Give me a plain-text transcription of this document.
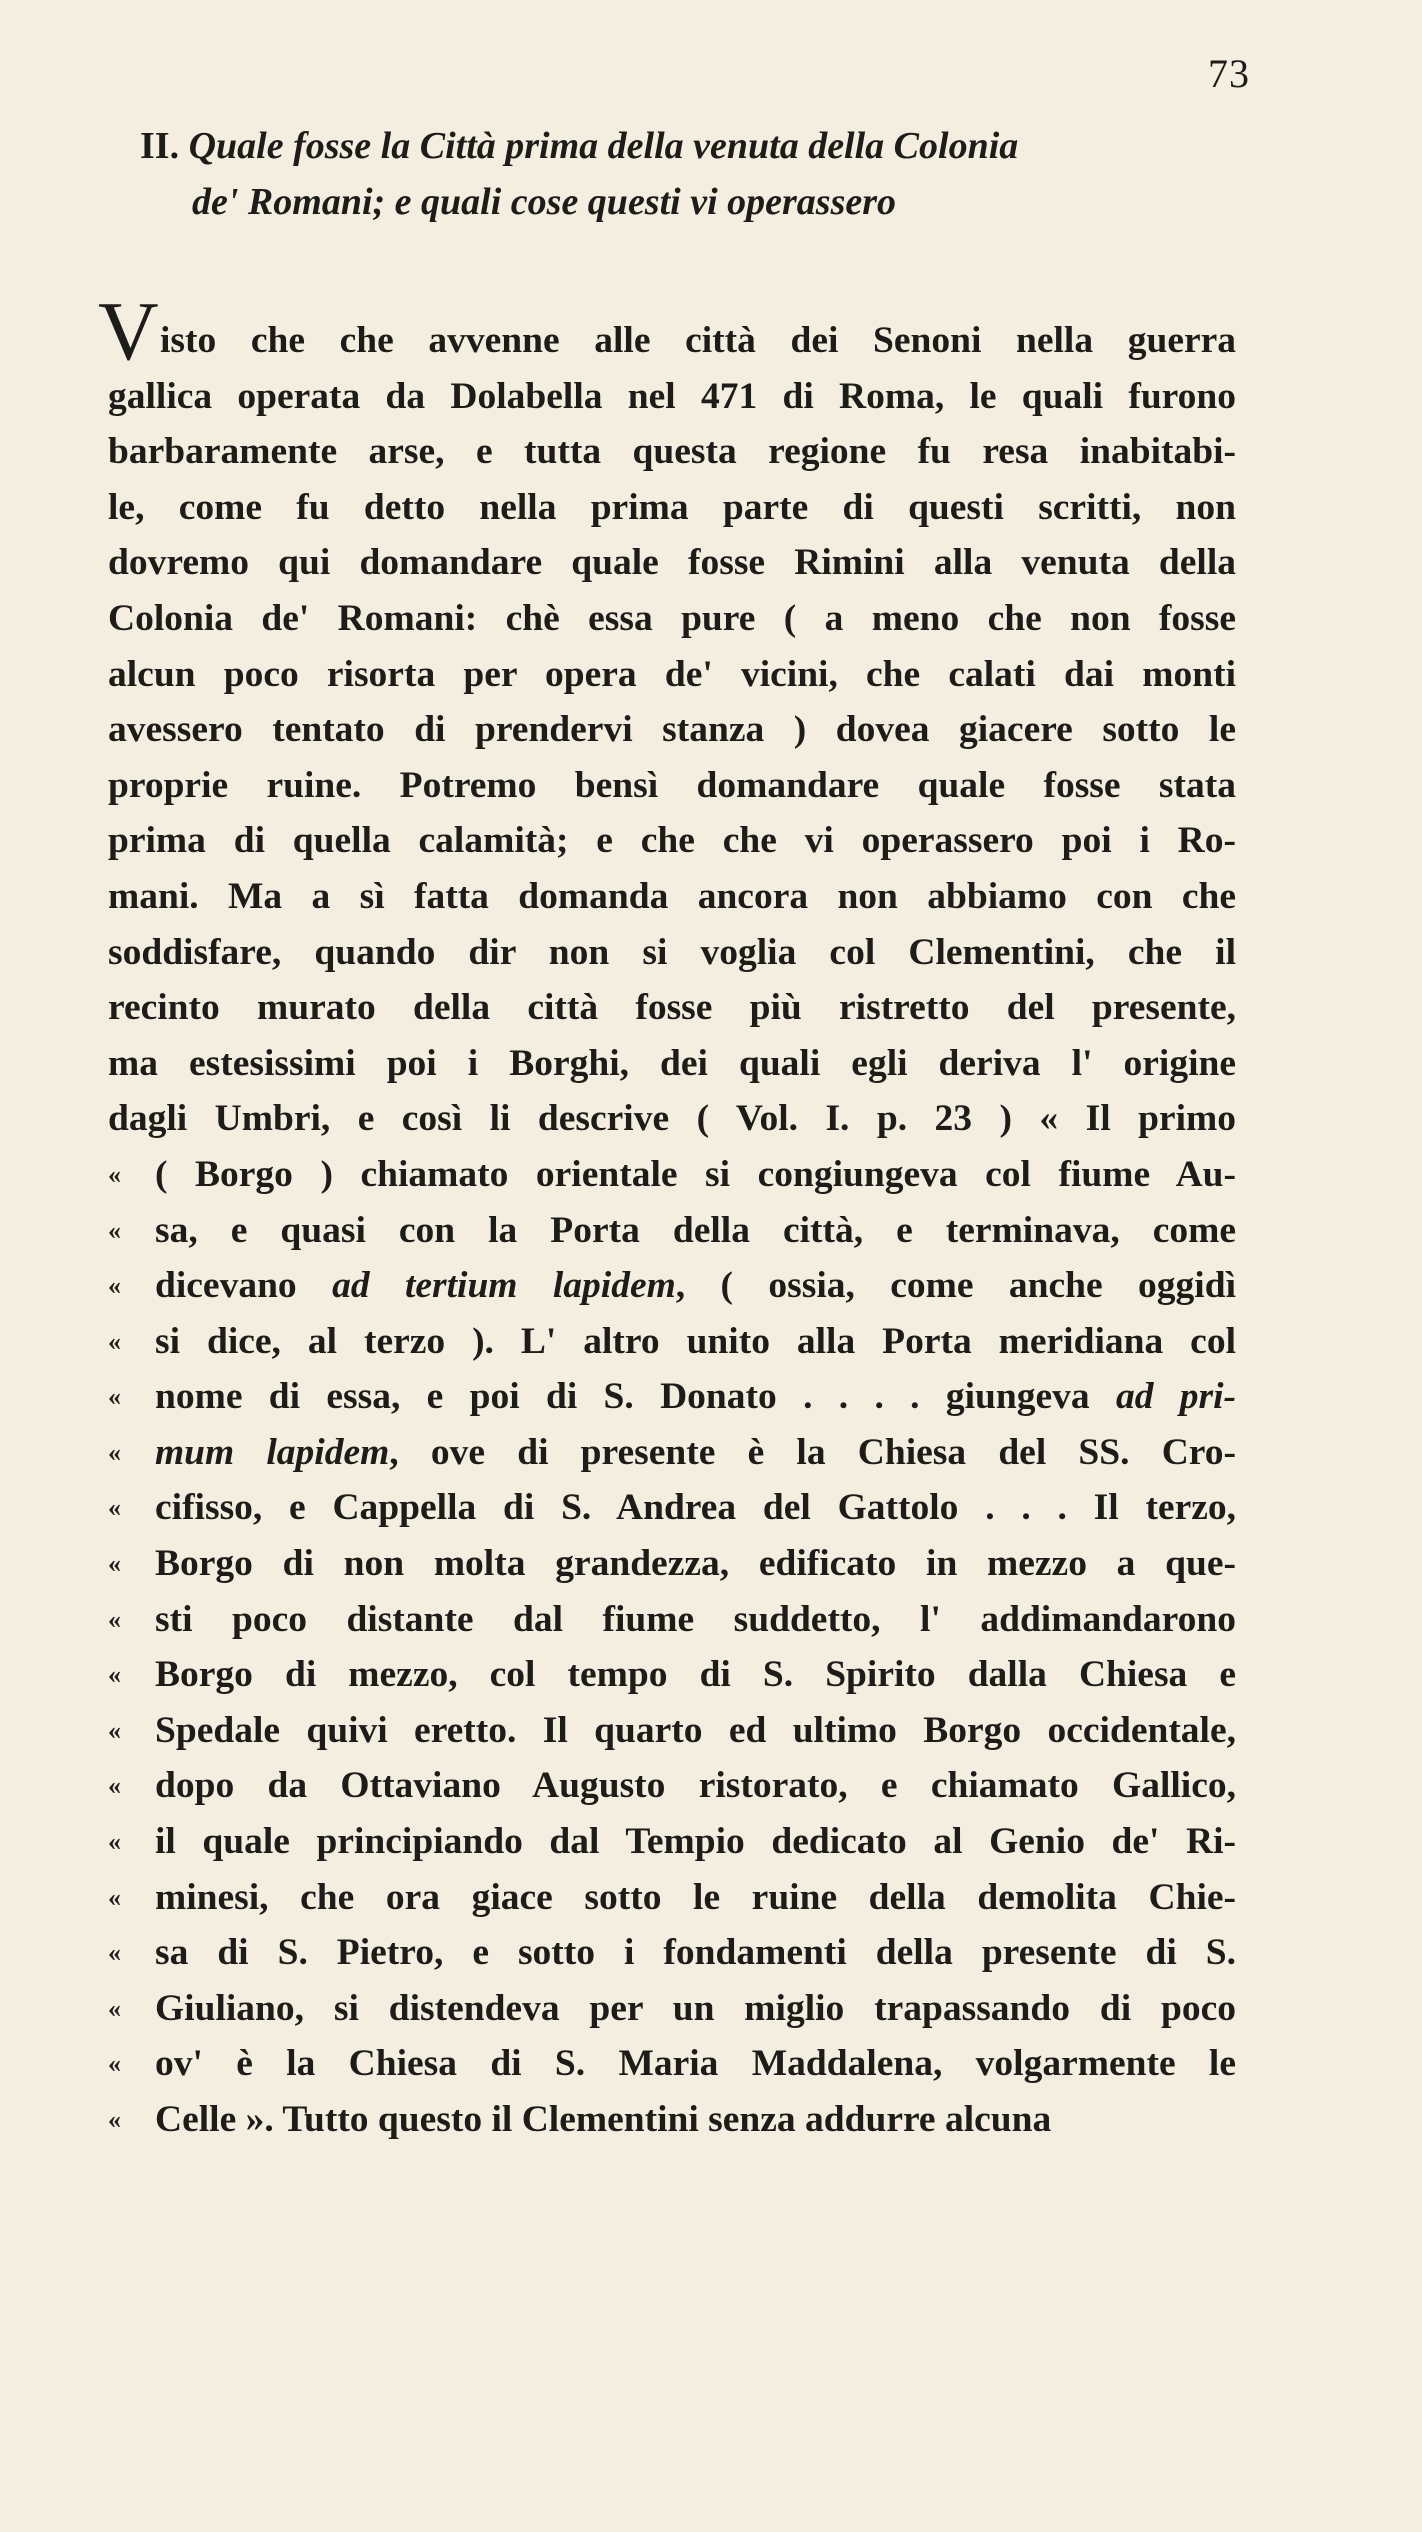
73
II. Quale fosse la Città prima della venuta della Colonia
de' Romani; e quali cose questi vi operassero
V isto che che avvenne alle città dei Senoni nella guerra
gallica operata da Dolabella nel 471 di Roma, le quali furono
barbaramente arse, e tutta questa regione fu resa inabitabi-
le, come fu detto nella prima parte di questi scritti, non
dovremo qui domandare quale fosse Rimini alla venuta della
Colonia de' Romani: chè essa pure ( a meno che non fosse
alcun poco risorta per opera de' vicini, che calati dai monti
avessero tentato di prendervi stanza ) dovea giacere sotto le
proprie ruine. Potremo bensì domandare quale fosse stata
prima di quella calamità; e che che vi operassero poi i Ro-
mani. Ma a sì fatta domanda ancora non abbiamo con che
soddisfare, quando dir non si voglia col Clementini, che il
recinto murato della città fosse più ristretto del presente,
ma estesissimi poi i Borghi, dei quali egli deriva l' origine
dagli Umbri, e così li descrive ( Vol. I. p. 23 ) « Il primo
« ( Borgo ) chiamato orientale si congiungeva col fiume Au-
« sa, e quasi con la Porta della città, e terminava, come
« dicevano ad tertium lapidem, ( ossia, come anche oggidì
« si dice, al terzo ). L' altro unito alla Porta meridiana col
« nome di essa, e poi di S. Donato . . . . giungeva ad pri-
« mum lapidem, ove di presente è la Chiesa del SS. Cro-
« cifisso, e Cappella di S. Andrea del Gattolo . . . Il terzo,
« Borgo di non molta grandezza, edificato in mezzo a que-
« sti poco distante dal fiume suddetto, l' addimandarono
« Borgo di mezzo, col tempo di S. Spirito dalla Chiesa e
« Spedale quivi eretto. Il quarto ed ultimo Borgo occidentale,
« dopo da Ottaviano Augusto ristorato, e chiamato Gallico,
« il quale principiando dal Tempio dedicato al Genio de' Ri-
« minesi, che ora giace sotto le ruine della demolita Chie-
« sa di S. Pietro, e sotto i fondamenti della presente di S.
« Giuliano, si distendeva per un miglio trapassando di poco
« ov' è la Chiesa di S. Maria Maddalena, volgarmente le
« Celle ». Tutto questo il Clementini senza addurre alcuna
